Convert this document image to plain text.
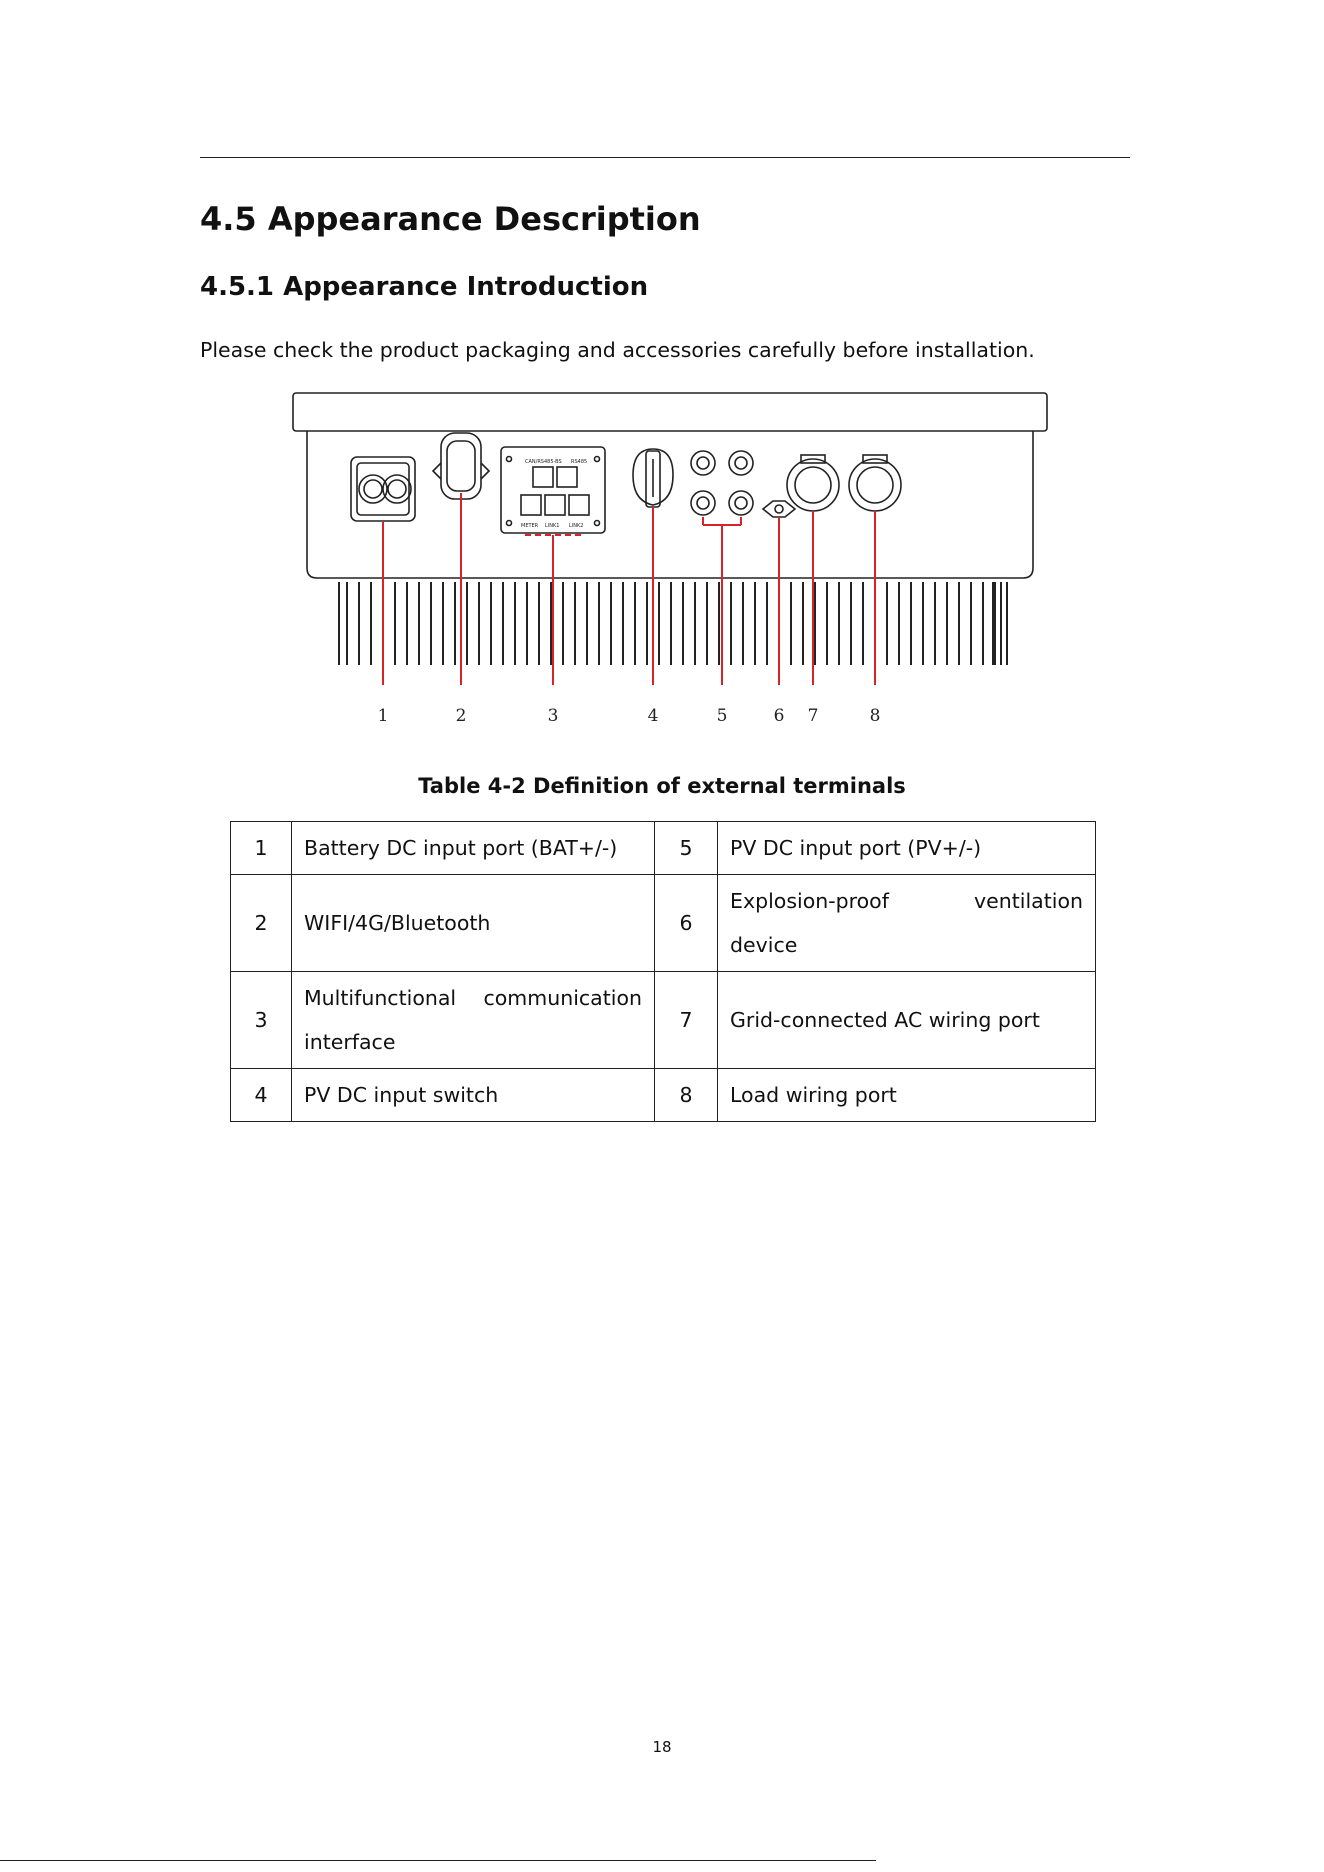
4.5 Appearance Description
4.5.1 Appearance Introduction

Please check the product packaging and accessories carefully before installation.

CAN/RS485-BS RS485
METER LINK1 LINK2
1	2	3	4	5	6 7	8
Table 4-2 Definition of external terminals
1	Battery DC input port (BAT+/-)	5	PV DC input port (PV+/-)
2	WIFI/4G/Bluetooth	6	Explosion-proof ventilation
device

3	Multifunctional communication
interface	7	Grid-connected AC wiring port
4	PV DC input switch	8	Load wiring port
18
